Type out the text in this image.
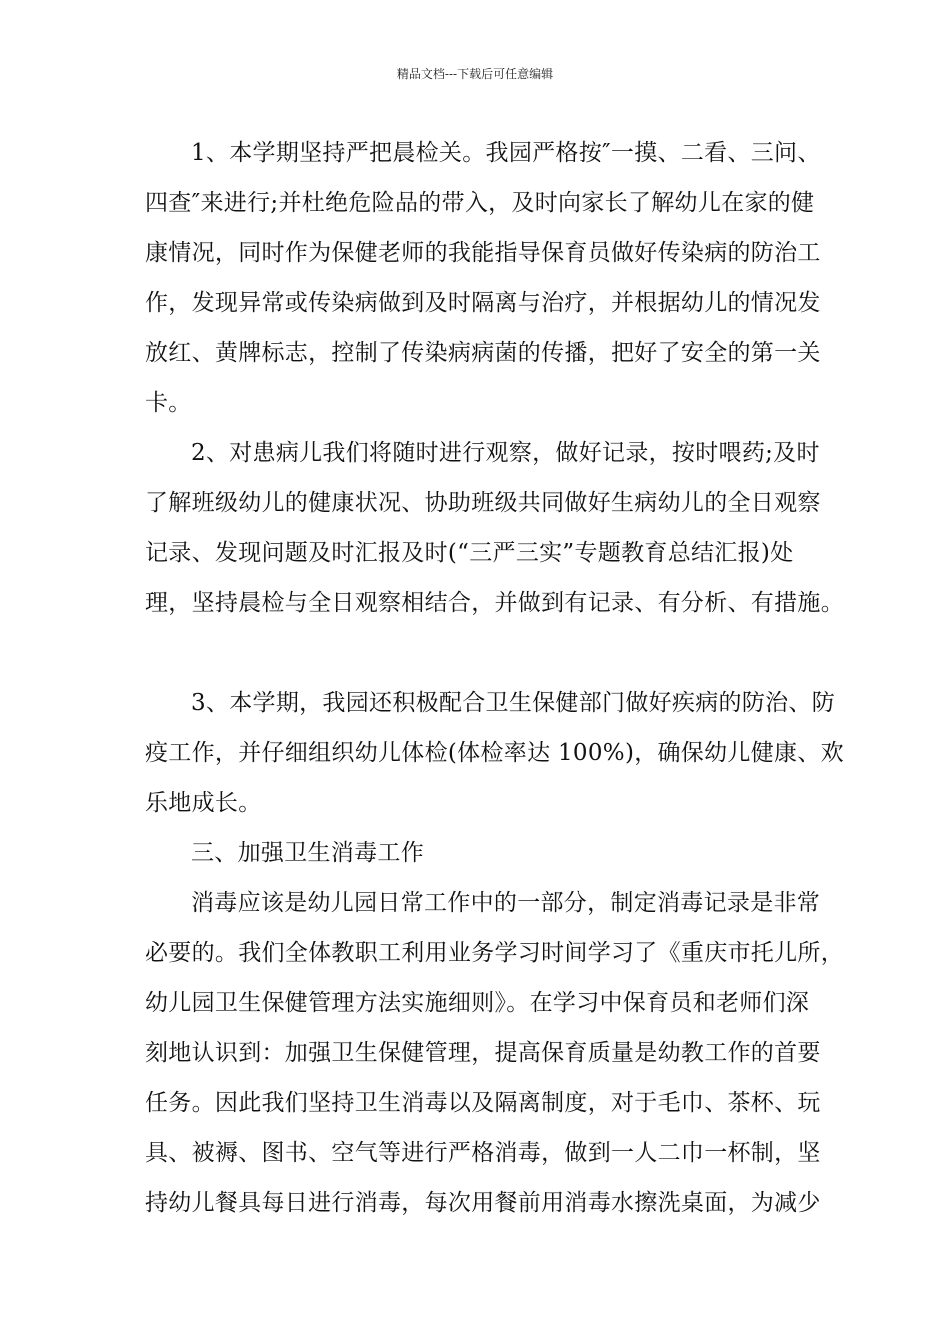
精品文档---下载后可任意编辑
1、本学期坚持严把晨检关。我园严格按″一摸、二看、三问、
四查″来进行;并杜绝危险品的带入，及时向家长了解幼儿在家的健
康情况，同时作为保健老师的我能指导保育员做好传染病的防治工
作，发现异常或传染病做到及时隔离与治疗，并根据幼儿的情况发
放红、黄牌标志，控制了传染病病菌的传播，把好了安全的第一关
卡。
2、对患病儿我们将随时进行观察，做好记录，按时喂药;及时
了解班级幼儿的健康状况、协助班级共同做好生病幼儿的全日观察
记录、发现问题及时汇报及时(“三严三实”专题教育总结汇报)处
理，坚持晨检与全日观察相结合，并做到有记录、有分析、有措施。
3、本学期，我园还积极配合卫生保健部门做好疾病的防治、防
疫工作，并仔细组织幼儿体检(体检率达 100%)，确保幼儿健康、欢
乐地成长。
三、加强卫生消毒工作
消毒应该是幼儿园日常工作中的一部分，制定消毒记录是非常
必要的。我们全体教职工利用业务学习时间学习了《重庆市托儿所，
幼儿园卫生保健管理方法实施细则》。在学习中保育员和老师们深
刻地认识到：加强卫生保健管理，提高保育质量是幼教工作的首要
任务。因此我们坚持卫生消毒以及隔离制度，对于毛巾、茶杯、玩
具、被褥、图书、空气等进行严格消毒，做到一人二巾一杯制，坚
持幼儿餐具每日进行消毒，每次用餐前用消毒水擦洗桌面，为减少
